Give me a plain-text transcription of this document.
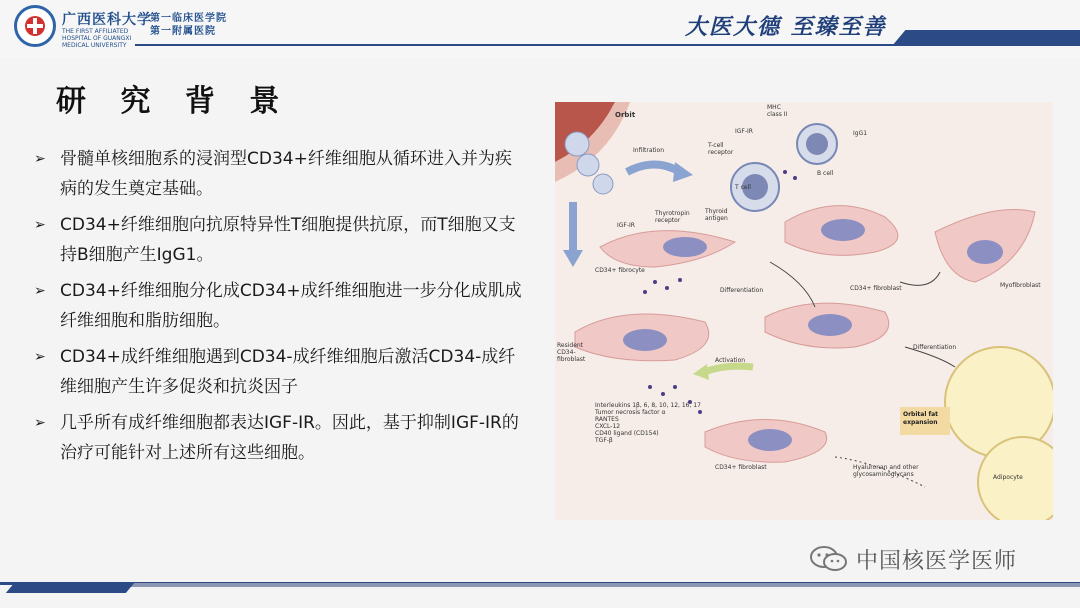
广西医科大学
THE FIRST AFFILIATED HOSPITAL OF GUANGXI MEDICAL UNIVERSITY
第一临床医学院
第一附属医院	大医大德 至臻至善
研 究 背 景
➢ 骨髓单核细胞系的浸润型CD34+纤维细胞从循环进入并为疾病的发生奠定基础。
➢ CD34+纤维细胞向抗原特异性T细胞提供抗原，而T细胞又支持B细胞产生IgG1。
➢ CD34+纤维细胞分化成CD34+成纤维细胞进一步分化成肌成纤维细胞和脂肪细胞。
➢ CD34+成纤维细胞遇到CD34-成纤维细胞后激活CD34-成纤维细胞产生许多促炎和抗炎因子
➢ 几乎所有成纤维细胞都表达IGF-IR。因此，基于抑制IGF-IR的治疗可能针对上述所有这些细胞。
Orbit
Infiltration
MHC class II
IGF-IR
T-cell receptor
T cell
B cell
IgG1
IGF-IR
Thyrotropin receptor
Thyroid antigen
CD34+ fibrocyte
Differentiation	CD34+ fibroblast	Myofibroblast
Resident CD34- fibroblast	Activation
Differentiation
Interleukins 1β, 6, 8, 10, 12, 16, 17
Tumor necrosis factor α
RANTES
CXCL-12
CD40 ligand (CD154)
TGF-β
Orbital fat expansion
CD34+ fibroblast	Hyaluronan and other glycosaminoglycans	Adipocyte
中国核医学医师
